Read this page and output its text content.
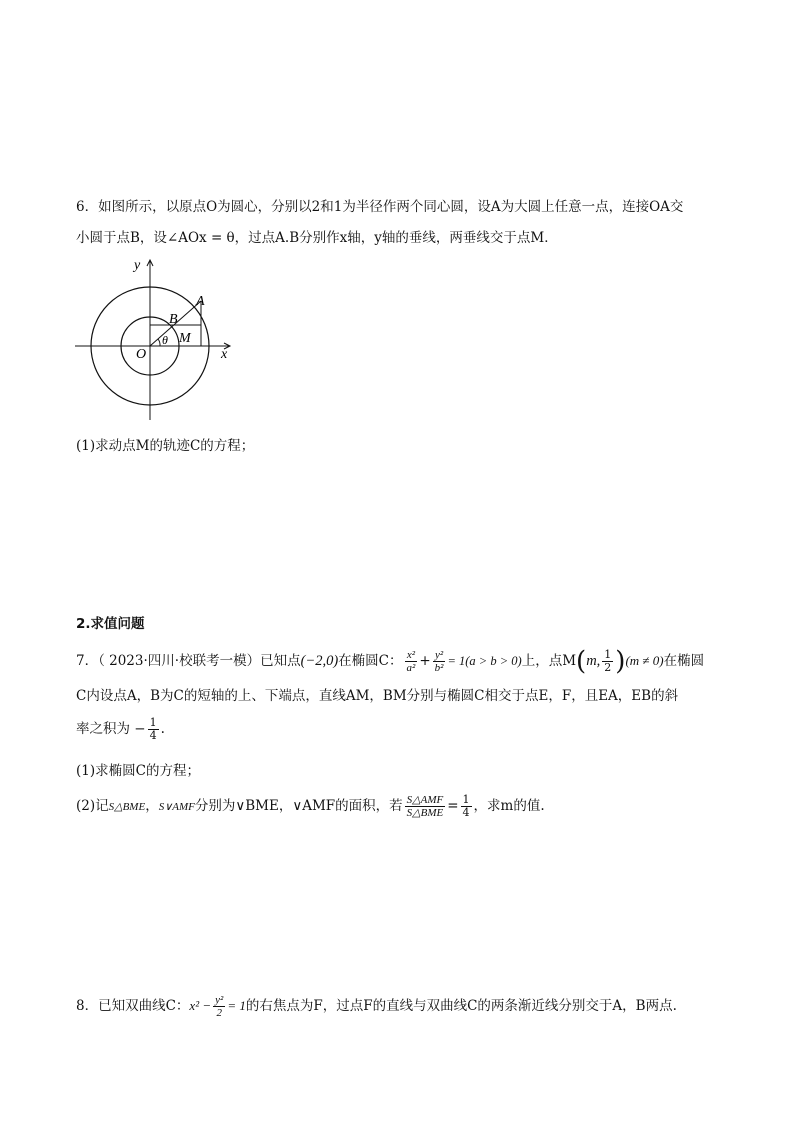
6．如图所示，以原点O为圆心，分别以2和1为半径作两个同心圆，设A为大圆上任意一点，连接OA交
小圆于点B，设∠AOx = θ，过点A.B分别作x轴，y轴的垂线，两垂线交于点M．
y
x
O
A
B
M
θ
(1)求动点M的轨迹C的方程；
2.求值问题
7．（ 2023·四川·校联考一模）已知点(−2,0)在椭圆C： $\frac{\text{x²}}{\text{a²}} + \frac{\text{y²}}{\text{b²}} = 1(a > b > 0)$上，点M(m, $\frac{1}{2} )(m \ne 0)$在椭圆
C内设点A，B为C的短轴的上、下端点，直线AM，BM分别与椭圆C相交于点E，F，且EA，EB的斜
率之积为 − $\frac{1}{4}$ .
(1)求椭圆C的方程；
(2)记S△BME，S∨AMF分别为∨BME，∨AMF的面积，若 $\frac{\text{S△AMF}}{\text{S△BME}} = \frac{1}{4}$ ，求m的值.
8．已知双曲线C：$x^2 - \frac{\text{y²}}{2} = 1$的右焦点为F，过点F的直线与双曲线C的两条渐近线分别交于A，B两点.
